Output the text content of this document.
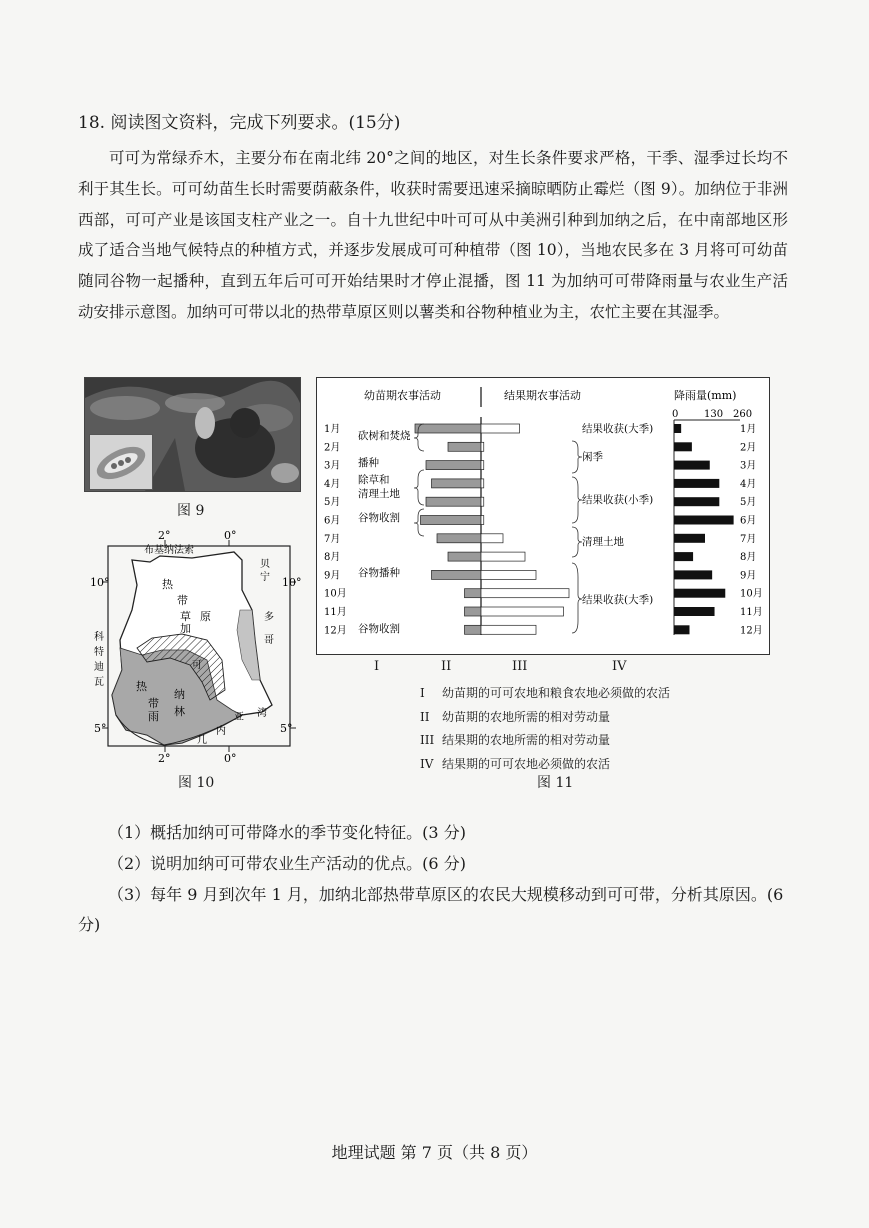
18. 阅读图文资料，完成下列要求。(15分)

可可为常绿乔木，主要分布在南北纬 20°之间的地区，对生长条件要求严格，干季、湿季过长均不利于其生长。可可幼苗生长时需要荫蔽条件，收获时需要迅速采摘晾晒防止霉烂（图 9）。加纳位于非洲西部，可可产业是该国支柱产业之一。自十九世纪中叶可可从中美洲引种到加纳之后，在中南部地区形成了适合当地气候特点的种植方式，并逐步发展成可可种植带（图 10），当地农民多在 3 月将可可幼苗随同谷物一起播种，直到五年后可可开始结果时才停止混播，图 11 为加纳可可带降雨量与农业生产活动安排示意图。加纳可可带以北的热带草原区则以薯类和谷物种植业为主，农忙主要在其湿季。

图 9
2°	0°
2°	0°
10°	10°
5°	5°
布基纳法索
贝
宁
多
哥
科
特
迪
瓦
热
带
草 原
加
可
热
带
雨
纳
林
几
内
亚 湾
图 10
幼苗期农事活动	结果期农事活动	降雨量(mm)
0	130 260
1月	1月
2月	2月
3月	3月
4月	4月
5月	5月
6月	6月
7月	7月
8月	8月
9月	9月
10月	10月
11月	11月
12月	12月
砍树和焚烧
播种
除草和
清理土地
谷物收割
谷物播种
谷物收割
结果收获(大季)
闲季
结果收获(小季)
清理土地
结果收获(大季)
I	II	III	IV
I 幼苗期的可可农地和粮食农地必须做的农活
II 幼苗期的农地所需的相对劳动量
III 结果期的农地所需的相对劳动量
IV 结果期的可可农地必须做的农活
图 11
（1）概括加纳可可带降水的季节变化特征。(3 分)
（2）说明加纳可可带农业生产活动的优点。(6 分)
（3）每年 9 月到次年 1 月，加纳北部热带草原区的农民大规模移动到可可带，分析其原因。(6 分)
地理试题 第 7 页（共 8 页）
